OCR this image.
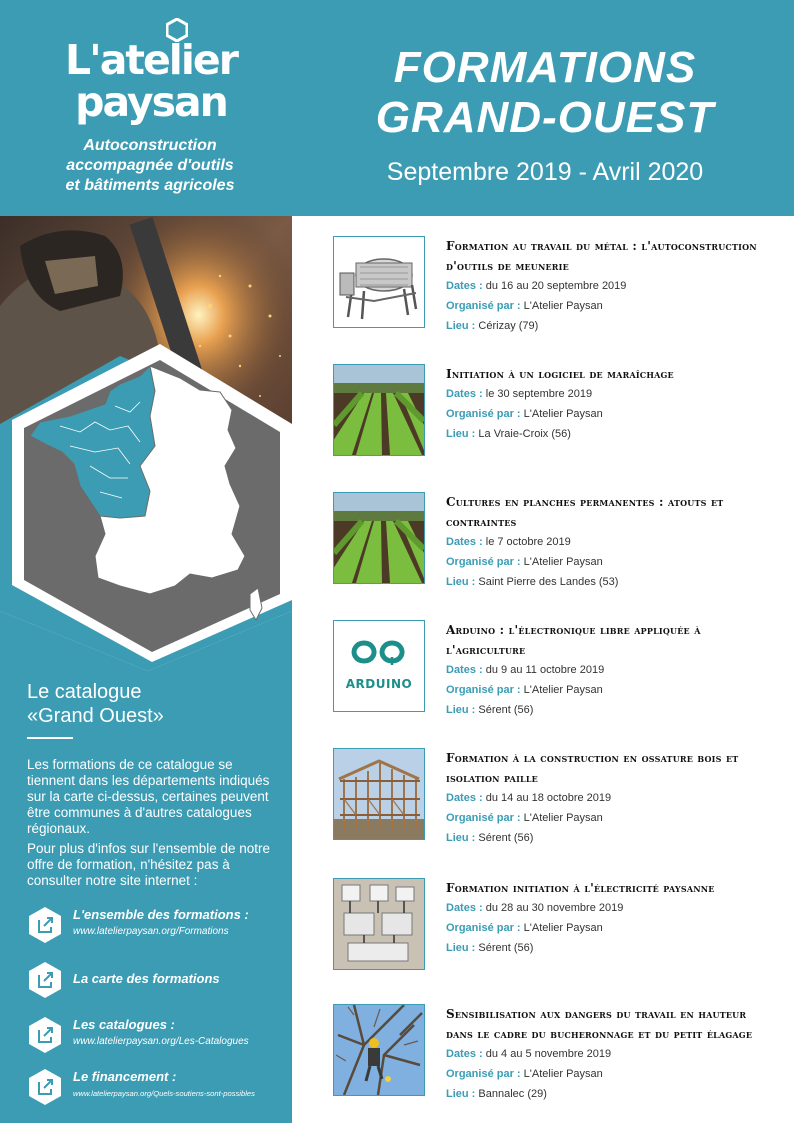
L'atelier
paysan
Autoconstruction
accompagnée d'outils
et bâtiments agricoles
FORMATIONS
GRAND-OUEST
Septembre 2019 - Avril 2020
Le catalogue
«Grand Ouest»

Les formations de ce catalogue se tiennent dans les départements indiqués sur la carte ci-dessus, certaines peuvent être communes à d'autres catalogues régionaux.

Pour plus d'infos sur l'ensemble de notre offre de formation, n'hésitez pas à consulter notre site internet :

L'ensemble des formations :
www.latelierpaysan.org/Formations
La carte des formations
Les catalogues :
www.latelierpaysan.org/Les-Catalogues
Le financement :
www.latelierpaysan.org/Quels-soutiens-sont-possibles
Formation au travail du métal : l'autoconstruction d'outils de meunerie
Dates : du 16 au 20 septembre 2019
Organisé par : L'Atelier Paysan
Lieu : Cérizay (79)
Initiation à un logiciel de maraîchage
Dates : le 30 septembre 2019
Organisé par : L'Atelier Paysan
Lieu : La Vraie-Croix (56)
Cultures en planches permanentes : atouts et contraintes
Dates : le 7 octobre 2019
Organisé par : L'Atelier Paysan
Lieu : Saint Pierre des Landes (53)
ARDUINO
Arduino : l'électronique libre appliquée à l'agriculture
Dates : du 9 au 11 octobre 2019
Organisé par : L'Atelier Paysan
Lieu : Sérent (56)
Formation à la construction en ossature bois et isolation paille
Dates : du 14 au 18 octobre 2019
Organisé par : L'Atelier Paysan
Lieu : Sérent (56)
Formation initiation à l'électricité paysanne
Dates : du 28 au 30 novembre 2019
Organisé par : L'Atelier Paysan
Lieu : Sérent (56)
Sensibilisation aux dangers du travail en hauteur dans le cadre du bucheronnage et du petit élagage
Dates : du 4 au 5 novembre 2019
Organisé par : L'Atelier Paysan
Lieu : Bannalec (29)
